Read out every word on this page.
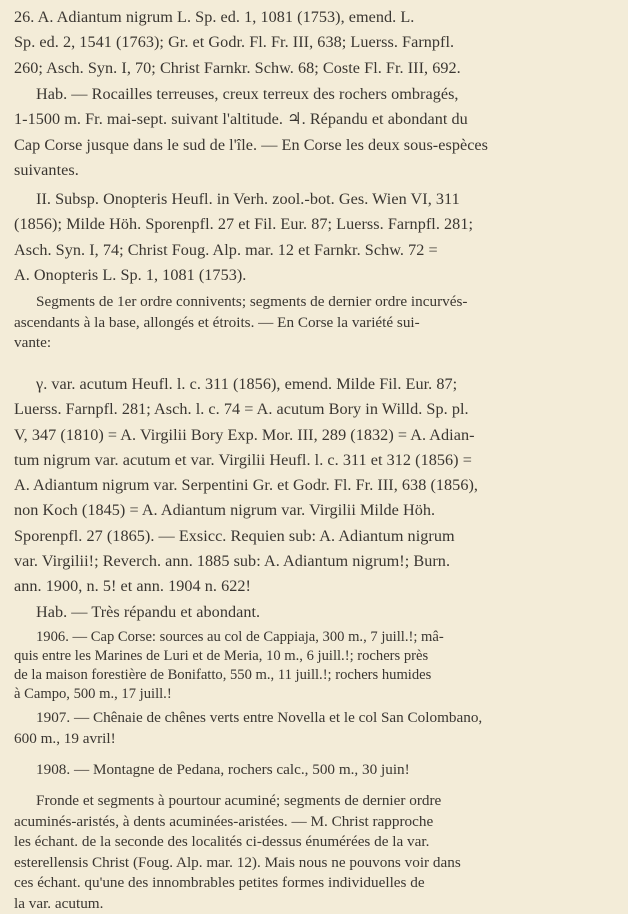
26. A. Adiantum nigrum L. Sp. ed. 1, 1081 (1753), emend. L.
Sp. ed. 2, 1541 (1763); Gr. et Godr. Fl. Fr. III, 638; Luerss. Farnpfl.
260; Asch. Syn. I, 70; Christ Farnkr. Schw. 68; Coste Fl. Fr. III, 692.

Hab. — Rocailles terreuses, creux terreux des rochers ombragés,
1-1500 m. Fr. mai-sept. suivant l'altitude. ♃. Répandu et abondant du
Cap Corse jusque dans le sud de l'île. — En Corse les deux sous-espèces
suivantes.

II. Subsp. Onopteris Heufl. in Verh. zool.-bot. Ges. Wien VI, 311
(1856); Milde Höh. Sporenpfl. 27 et Fil. Eur. 87; Luerss. Farnpfl. 281;
Asch. Syn. I, 74; Christ Foug. Alp. mar. 12 et Farnkr. Schw. 72 =
A. Onopteris L. Sp. 1, 1081 (1753).

Segments de 1er ordre connivents; segments de dernier ordre incurvés-
ascendants à la base, allongés et étroits. — En Corse la variété sui-
vante:

γ. var. acutum Heufl. l. c. 311 (1856), emend. Milde Fil. Eur. 87;
Luerss. Farnpfl. 281; Asch. l. c. 74 = A. acutum Bory in Willd. Sp. pl.
V, 347 (1810) = A. Virgilii Bory Exp. Mor. III, 289 (1832) = A. Adian-
tum nigrum var. acutum et var. Virgilii Heufl. l. c. 311 et 312 (1856) =
A. Adiantum nigrum var. Serpentini Gr. et Godr. Fl. Fr. III, 638 (1856),
non Koch (1845) = A. Adiantum nigrum var. Virgilii Milde Höh.
Sporenpfl. 27 (1865). — Exsicc. Requien sub: A. Adiantum nigrum
var. Virgilii!; Reverch. ann. 1885 sub: A. Adiantum nigrum!; Burn.
ann. 1900, n. 5! et ann. 1904 n. 622!
Hab. — Très répandu et abondant.

1906. — Cap Corse: sources au col de Cappiaja, 300 m., 7 juill.!; mâ-
quis entre les Marines de Luri et de Meria, 10 m., 6 juill.!; rochers près
de la maison forestière de Bonifatto, 550 m., 11 juill.!; rochers humides
à Campo, 500 m., 17 juill.!

1907. — Chênaie de chênes verts entre Novella et le col San Colombano,
600 m., 19 avril!

1908. — Montagne de Pedana, rochers calc., 500 m., 30 juin!

Fronde et segments à pourtour acuminé; segments de dernier ordre
acuminés-aristés, à dents acuminées-aristées. — M. Christ rapproche
les échant. de la seconde des localités ci-dessus énumérées de la var.
esterellensis Christ (Foug. Alp. mar. 12). Mais nous ne pouvons voir dans
ces échant. qu'une des innombrables petites formes individuelles de
la var. acutum.
